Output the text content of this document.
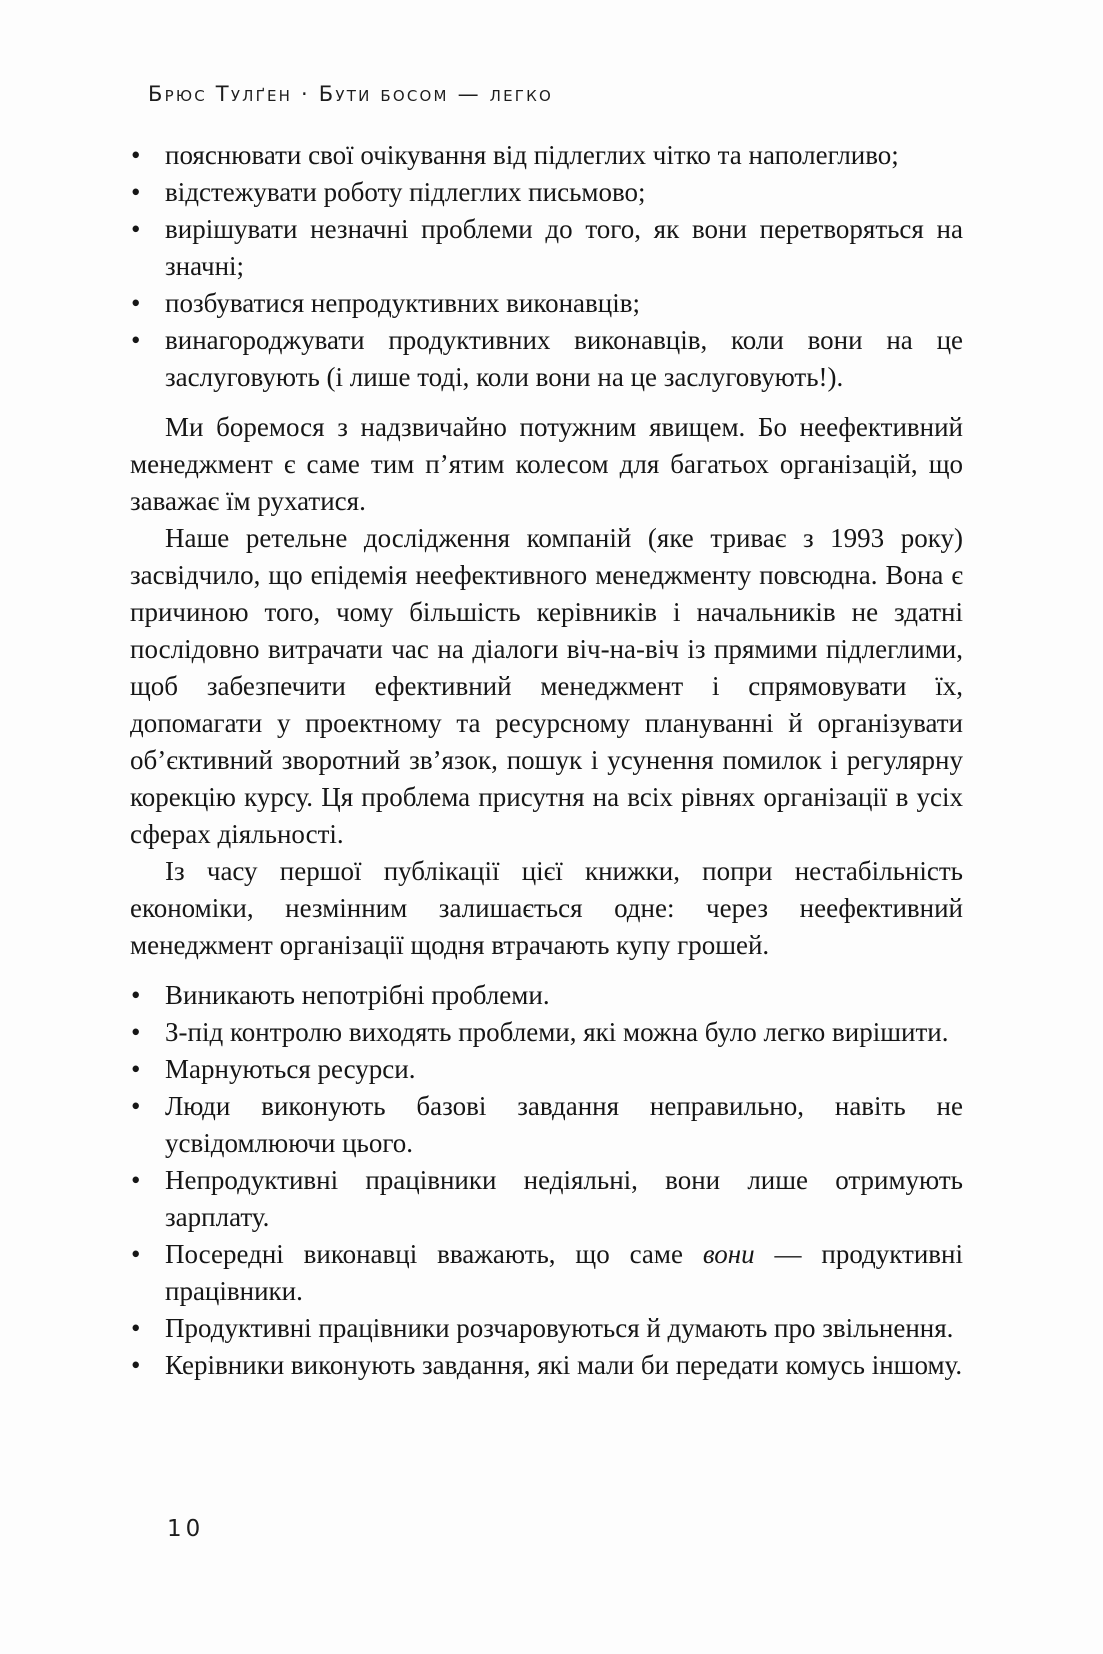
Брюс Тулґен · Бути босом — легко
• пояснювати свої очікування від підлеглих чітко та наполегливо;
• відстежувати роботу підлеглих письмово;
• вирішувати незначні проблеми до того, як вони перетворяться на значні;
• позбуватися непродуктивних виконавців;
• винагороджувати продуктивних виконавців, коли вони на це заслуговують (і лише тоді, коли вони на це заслуговують!).

Ми боремося з надзвичайно потужним явищем. Бо неефективний менеджмент є саме тим п’ятим колесом для багатьох організацій, що заважає їм рухатися.

Наше ретельне дослідження компаній (яке триває з 1993 року) засвідчило, що епідемія неефективного менеджменту повсюдна. Вона є причиною того, чому більшість керівників і начальників не здатні послідовно витрачати час на діалоги віч-на-віч із прямими підлеглими, щоб забезпечити ефективний менеджмент і спрямовувати їх, допомагати у проектному та ресурсному плануванні й організувати об’єктивний зворотний зв’язок, пошук і усунення помилок і регулярну корекцію курсу. Ця проблема присутня на всіх рівнях організації в усіх сферах діяльності.

Із часу першої публікації цієї книжки, попри нестабільність економіки, незмінним залишається одне: через неефективний менеджмент організації щодня втрачають купу грошей.

• Виникають непотрібні проблеми.
• З-під контролю виходять проблеми, які можна було легко вирішити.
• Марнуються ресурси.
• Люди виконують базові завдання неправильно, навіть не усвідомлюючи цього.
• Непродуктивні працівники недіяльні, вони лише отримують зарплату.
• Посередні виконавці вважають, що саме вони — продуктивні працівники.
• Продуктивні працівники розчаровуються й думають про звільнення.
• Керівники виконують завдання, які мали би передати комусь іншому.
10
